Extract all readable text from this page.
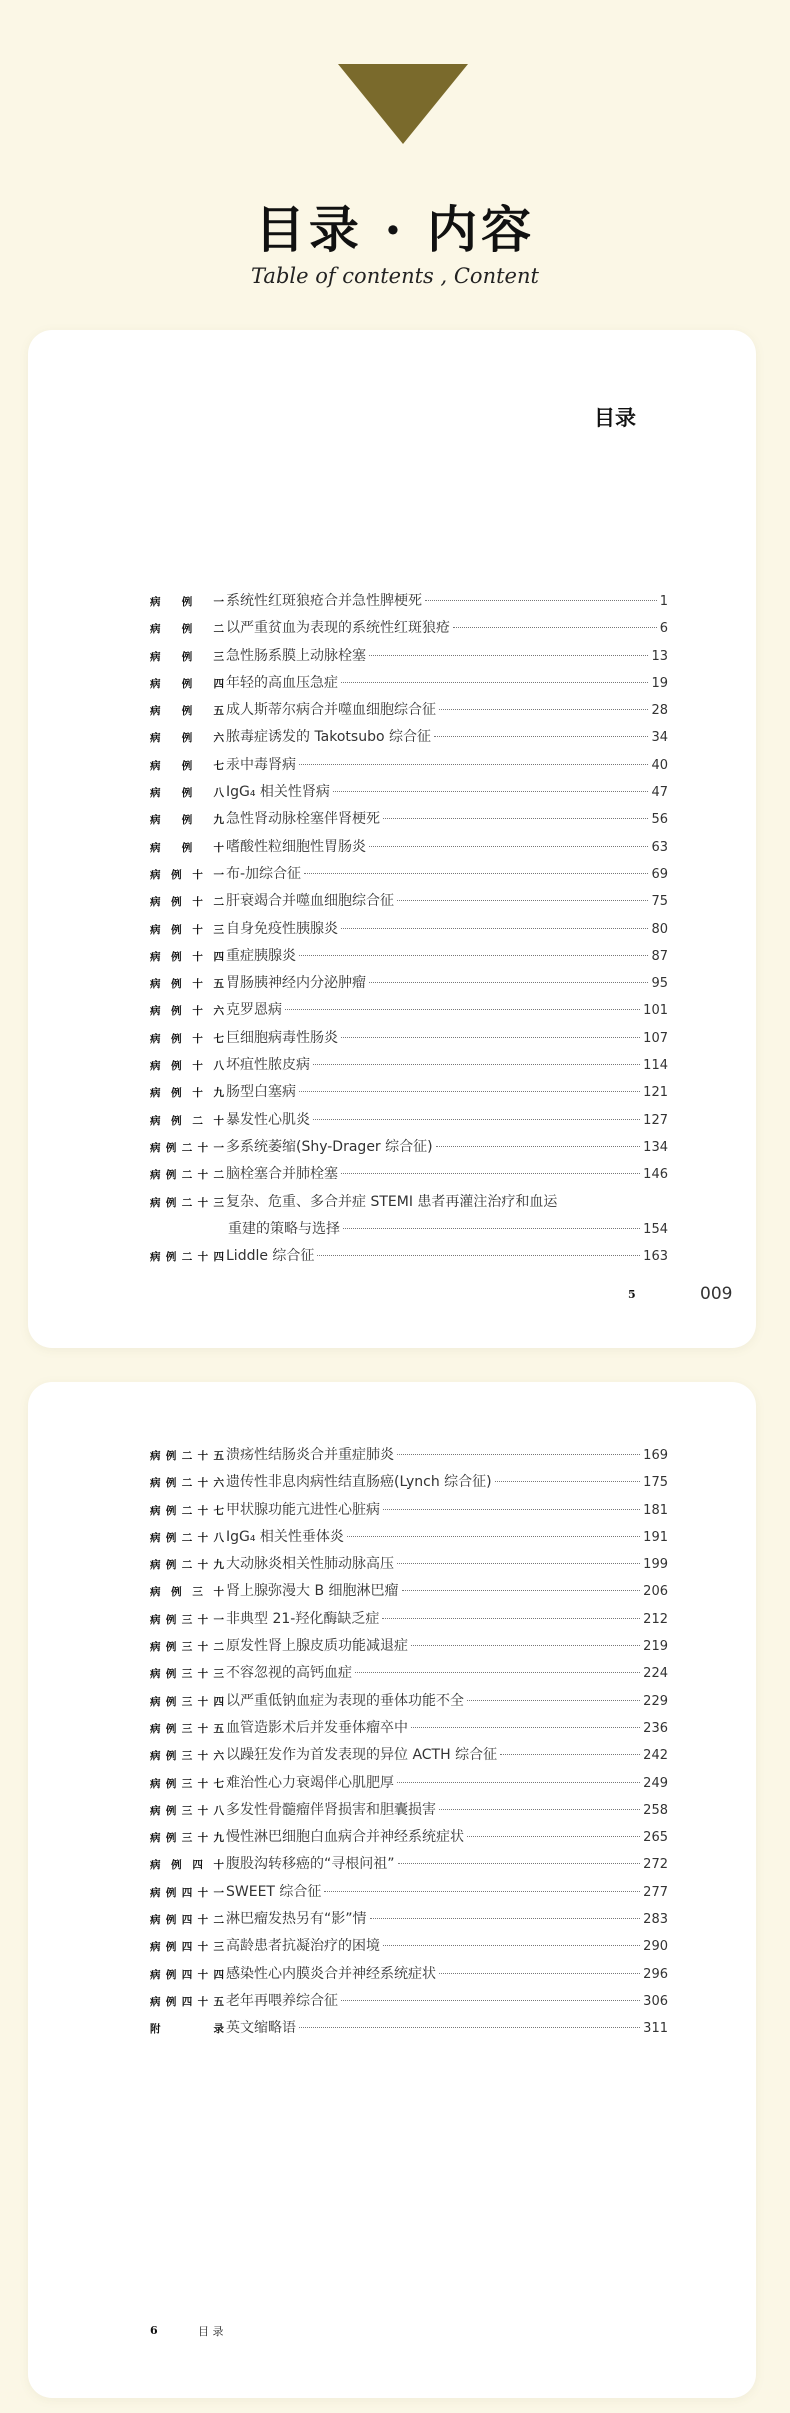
目录 · 内容
Table of contents , Content
目录
病 例 一 系统性红斑狼疮合并急性脾梗死	1
病 例 二 以严重贫血为表现的系统性红斑狼疮	6
病 例 三 急性肠系膜上动脉栓塞	13
病 例 四 年轻的高血压急症	19
病 例 五 成人斯蒂尔病合并噬血细胞综合征	28
病 例 六 脓毒症诱发的 Takotsubo 综合征	34
病 例 七 汞中毒肾病	40
病 例 八 IgG₄ 相关性肾病	47
病 例 九 急性肾动脉栓塞伴肾梗死	56
病 例 十 嗜酸性粒细胞性胃肠炎	63
病例十一 布-加综合征	69
病例十二 肝衰竭合并噬血细胞综合征	75
病例十三 自身免疫性胰腺炎	80
病例十四 重症胰腺炎	87
病例十五 胃肠胰神经内分泌肿瘤	95
病例十六 克罗恩病	101
病例十七 巨细胞病毒性肠炎	107
病例十八 坏疽性脓皮病	114
病例十九 肠型白塞病	121
病例二十 暴发性心肌炎	127
病例二十一 多系统萎缩(Shy-Drager 综合征)	134
病例二十二 脑栓塞合并肺栓塞	146
病例二十三 复杂、危重、多合并症 STEMI 患者再灌注治疗和血运
重建的策略与选择	154
病例二十四 Liddle 综合征	163
5	009
病例二十五 溃疡性结肠炎合并重症肺炎	169
病例二十六 遗传性非息肉病性结直肠癌(Lynch 综合征)	175
病例二十七 甲状腺功能亢进性心脏病	181
病例二十八 IgG₄ 相关性垂体炎	191
病例二十九 大动脉炎相关性肺动脉高压	199
病例三十 肾上腺弥漫大 B 细胞淋巴瘤	206
病例三十一 非典型 21-羟化酶缺乏症	212
病例三十二 原发性肾上腺皮质功能减退症	219
病例三十三 不容忽视的高钙血症	224
病例三十四 以严重低钠血症为表现的垂体功能不全	229
病例三十五 血管造影术后并发垂体瘤卒中	236
病例三十六 以躁狂发作为首发表现的异位 ACTH 综合征	242
病例三十七 难治性心力衰竭伴心肌肥厚	249
病例三十八 多发性骨髓瘤伴肾损害和胆囊损害	258
病例三十九 慢性淋巴细胞白血病合并神经系统症状	265
病例四十 腹股沟转移癌的“寻根问祖”	272
病例四十一 SWEET 综合征	277
病例四十二 淋巴瘤发热另有“影”情	283
病例四十三 高龄患者抗凝治疗的困境	290
病例四十四 感染性心内膜炎合并神经系统症状	296
病例四十五 老年再喂养综合征	306
附 录 英文缩略语	311
6	目 录
